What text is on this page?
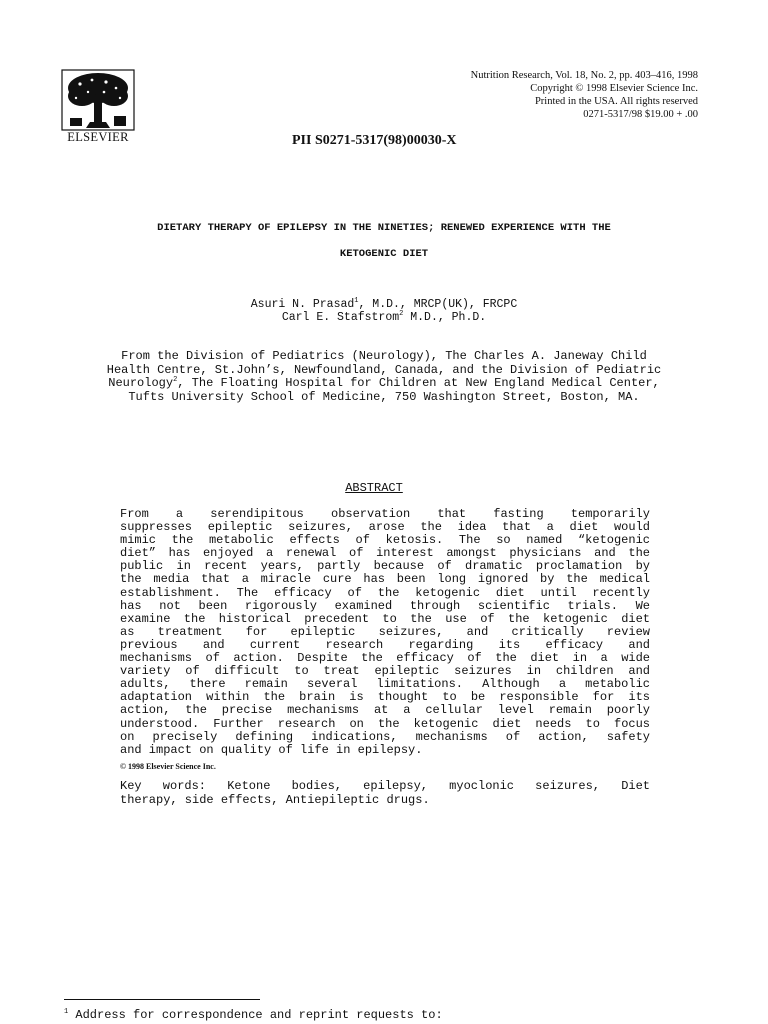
ELSEVIER
Nutrition Research, Vol. 18, No. 2, pp. 403–416, 1998
Copyright © 1998 Elsevier Science Inc.
Printed in the USA. All rights reserved
0271-5317/98 $19.00 + .00
PII S0271-5317(98)00030-X
DIETARY THERAPY OF EPILEPSY IN THE NINETIES; RENEWED EXPERIENCE WITH THE
KETOGENIC DIET
Asuri N. Prasad$^1$, M.D., MRCP(UK), FRCPC
Carl E. Stafstrom$^2$ M.D., Ph.D.
From the Division of Pediatrics (Neurology), The Charles A. Janeway Child
Health Centre, St.John’s, Newfoundland, Canada, and the Division of Pediatric
Neurology$^2$, The Floating Hospital for Children at New England Medical Center,
Tufts University School of Medicine, 750 Washington Street, Boston, MA.
ABSTRACT
From a serendipitous observation that fasting temporarily
suppresses epileptic seizures, arose the idea that a diet would
mimic the metabolic effects of ketosis. The so named “ketogenic
diet” has enjoyed a renewal of interest amongst physicians and the
public in recent years, partly because of dramatic proclamation by
the media that a miracle cure has been long ignored by the medical
establishment. The efficacy of the ketogenic diet until recently
has not been rigorously examined through scientific trials. We
examine the historical precedent to the use of the ketogenic diet
as treatment for epileptic seizures, and critically review
previous and current research regarding its efficacy and
mechanisms of action. Despite the efficacy of the diet in a wide
variety of difficult to treat epileptic seizures in children and
adults, there remain several limitations. Although a metabolic
adaptation within the brain is thought to be responsible for its
action, the precise mechanisms at a cellular level remain poorly
understood. Further research on the ketogenic diet needs to focus
on precisely defining indications, mechanisms of action, safety
and impact on quality of life in epilepsy.
© 1998 Elsevier Science Inc.
Key words: Ketone bodies, epilepsy, myoclonic seizures, Diet
therapy, side effects, Antiepileptic drugs.
$^1$ Address for correspondence and reprint requests to:
